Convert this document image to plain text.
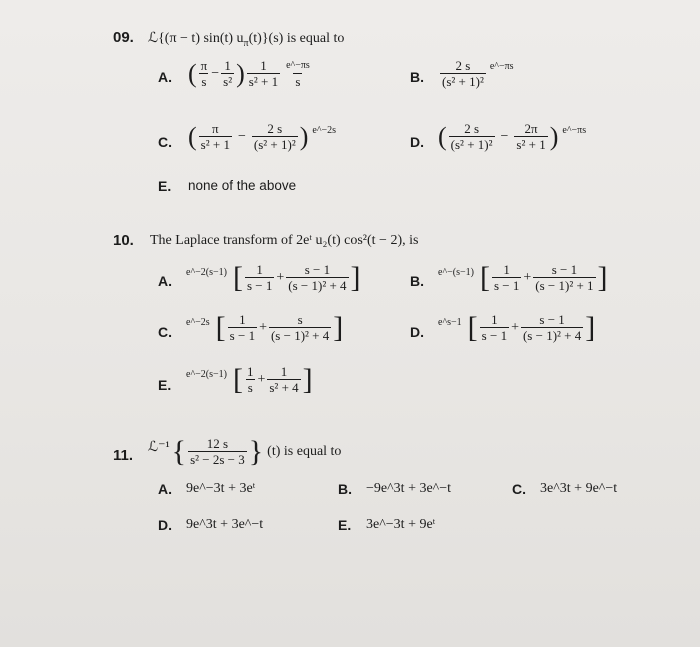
09. ℒ{(π − t) sin(t) $u_\pi(t)\}(s)$ is equal to
A. ( $\frac{\pi}{s} - \frac{1}{\text{s²}}$ ) $\frac{1}{\text{s² + 1}} \frac{e\^{}-\pi s}{s}$	B. $\frac{2 s}{\text{(s² + 1)²}}$ e^−πs
C. ( $\frac{\pi}{\text{s² + 1}} - \frac{2 s}{\text{(s² + 1)²}}$ ) e^−2s
D. ( $\frac{2 s}{\text{(s² + 1)²}} - \frac{2\pi}{\text{s² + 1}}$ ) e^−πs
E. none of the above
10. The Laplace transform of 2eᵗ u₂(t) cos²(t − 2), is
A.
e^−2(s−1) [ $\frac{1}{s - 1} + \frac{s - 1}{\text{(s − 1)² + 4}}$ ]	B.
e^−(s−1) [ $\frac{1}{s - 1} + \frac{s - 1}{\text{(s − 1)² + 1}}$ ]
C.
e^−2s [ $\frac{1}{s - 1} + \frac{s}{\text{(s − 1)² + 4}}$ ]	D.
e^s−1 [ $\frac{1}{s - 1} + \frac{s - 1}{\text{(s − 1)² + 4}}$ ]
E.
e^−2(s−1) [ $\frac{1}{s} + \frac{1}{\text{s² + 4}}$ ]
11. ℒ⁻¹ { $\frac{12 s}{\text{s² − 2s − 3}}$ } (t) is equal to
A. 9e^−3t + 3eᵗ	B. −9e^3t + 3e^−t	C. 3e^3t + 9e^−t
D. 9e^3t + 3e^−t	E. 3e^−3t + 9eᵗ
